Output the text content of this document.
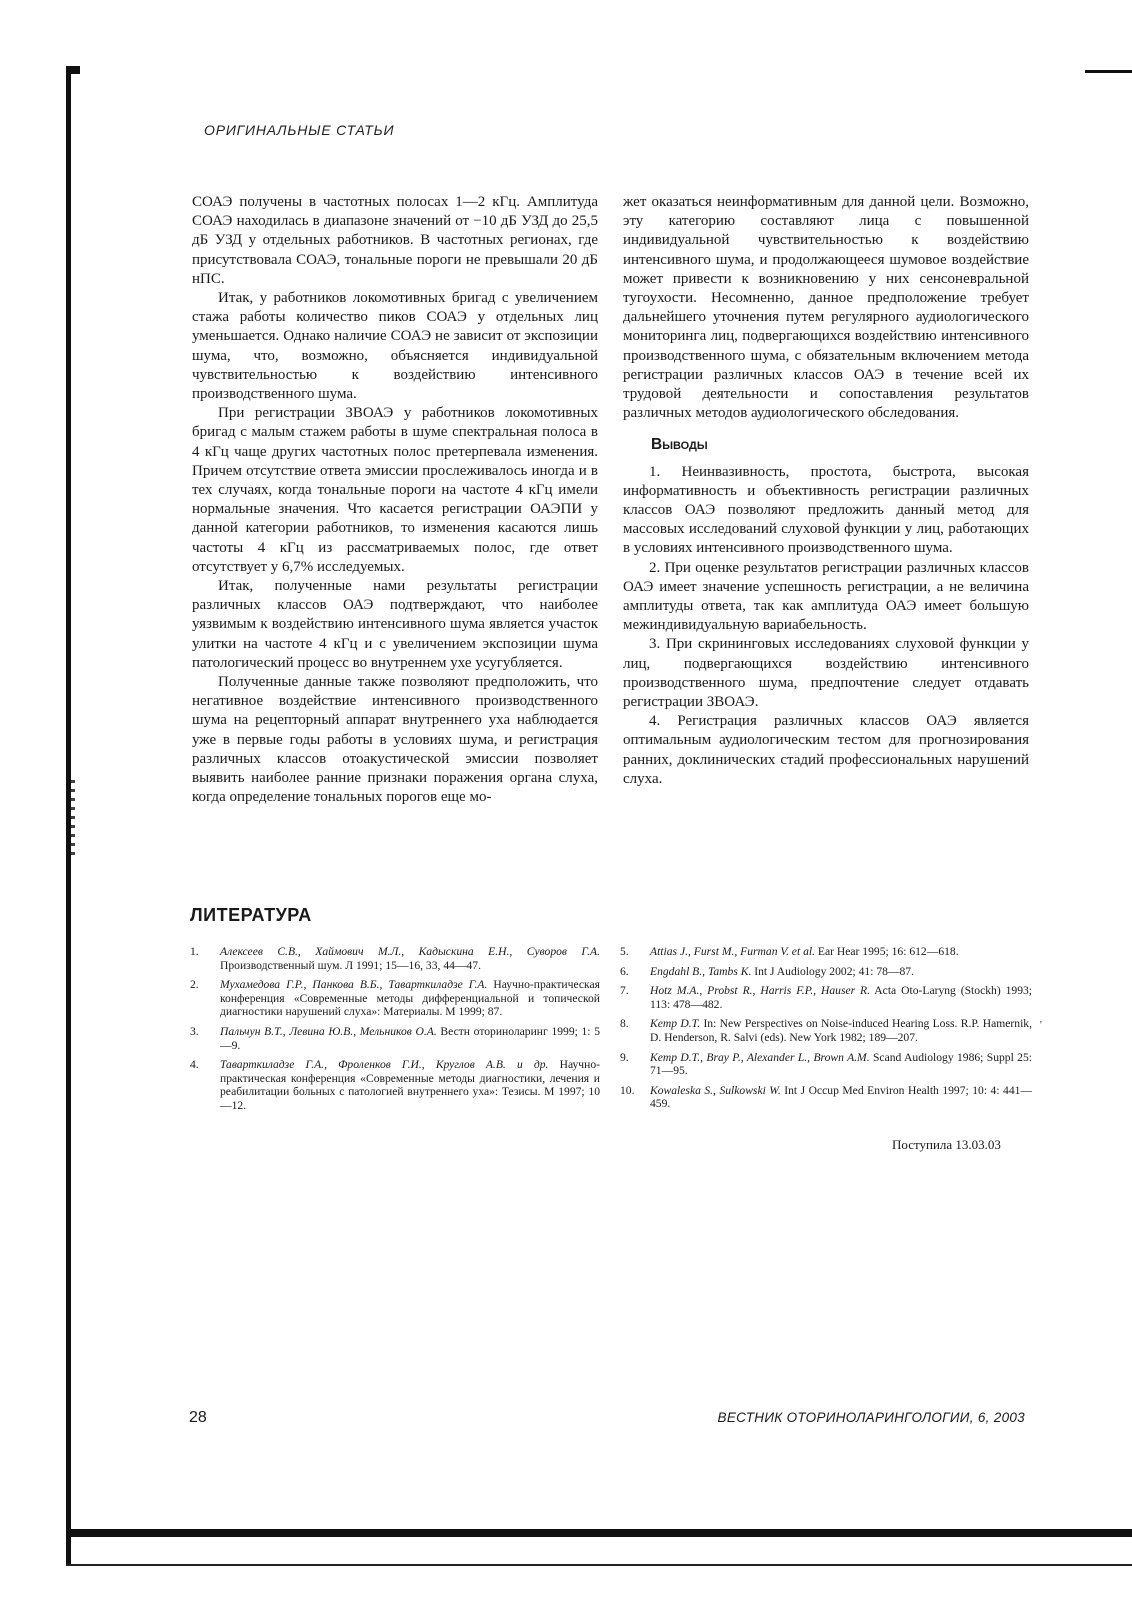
'
ОРИГИНАЛЬНЫЕ СТАТЬИ

СОАЭ получены в частотных полосах 1—2 кГц. Амплитуда СОАЭ находилась в диапазоне значений от −10 дБ УЗД до 25,5 дБ УЗД у отдельных работников. В частотных регионах, где присутствовала СОАЭ, тональные пороги не превышали 20 дБ нПС.

Итак, у работников локомотивных бригад с увеличением стажа работы количество пиков СОАЭ у отдельных лиц уменьшается. Однако наличие СОАЭ не зависит от экспозиции шума, что, возможно, объясняется индивидуальной чувствительностью к воздействию интенсивного производственного шума.

При регистрации ЗВОАЭ у работников локомотивных бригад с малым стажем работы в шуме спектральная полоса в 4 кГц чаще других частотных полос претерпевала изменения. Причем отсутствие ответа эмиссии прослеживалось иногда и в тех случаях, когда тональные пороги на частоте 4 кГц имели нормальные значения. Что касается регистрации ОАЭПИ у данной категории работников, то изменения касаются лишь частоты 4 кГц из рассматриваемых полос, где ответ отсутствует у 6,7% исследуемых.

Итак, полученные нами результаты регистрации различных классов ОАЭ подтверждают, что наиболее уязвимым к воздействию интенсивного шума является участок улитки на частоте 4 кГц и с увеличением экспозиции шума патологический процесс во внутреннем ухе усугубляется.

Полученные данные также позволяют предположить, что негативное воздействие интенсивного производственного шума на рецепторный аппарат внутреннего уха наблюдается уже в первые годы работы в условиях шума, и регистрация различных классов отоакустической эмиссии позволяет выявить наиболее ранние признаки поражения органа слуха, когда определение тональных порогов еще мо-

жет оказаться неинформативным для данной цели. Возможно, эту категорию составляют лица с повышенной индивидуальной чувствительностью к воздействию интенсивного шума, и продолжающееся шумовое воздействие может привести к возникновению у них сенсоневральной тугоухости. Несомненно, данное предположение требует дальнейшего уточнения путем регулярного аудиологического мониторинга лиц, подвергающихся воздействию интенсивного производственного шума, с обязательным включением метода регистрации различных классов ОАЭ в течение всей их трудовой деятельности и сопоставления результатов различных методов аудиологического обследования.

Выводы

1. Неинвазивность, простота, быстрота, высокая информативность и объективность регистрации различных классов ОАЭ позволяют предложить данный метод для массовых исследований слуховой функции у лиц, работающих в условиях интенсивного производственного шума.

2. При оценке результатов регистрации различных классов ОАЭ имеет значение успешность регистрации, а не величина амплитуды ответа, так как амплитуда ОАЭ имеет большую межиндивидуальную вариабельность.

3. При скрининговых исследованиях слуховой функции у лиц, подвергающихся воздействию интенсивного производственного шума, предпочтение следует отдавать регистрации ЗВОАЭ.

4. Регистрация различных классов ОАЭ является оптимальным аудиологическим тестом для прогнозирования ранних, доклинических стадий профессиональных нарушений слуха.

ЛИТЕРАТУРА
1. Алексеев С.В., Хаймович М.Л., Кадыскина Е.Н., Суворов Г.А. Производственный шум. Л 1991; 15—16, 33, 44—47.
2. Мухамедова Г.Р., Панкова В.Б., Таварткиладзе Г.А. Научно-практическая конференция «Современные методы дифференциальной и топической диагностики нарушений слуха»: Материалы. М 1999; 87.
3. Пальчун В.Т., Левина Ю.В., Мельников О.А. Вестн оториноларинг 1999; 1: 5—9.
4. Таварткиладзе Г.А., Фроленков Г.И., Круглов А.В. и др. Научно-практическая конференция «Современные методы диагностики, лечения и реабилитации больных с патологией внутреннего уха»: Тезисы. М 1997; 10—12.
5. Attias J., Furst M., Furman V. et al. Ear Hear 1995; 16: 612—618.
6. Engdahl B., Tambs K. Int J Audiology 2002; 41: 78—87.
7. Hotz M.A., Probst R., Harris F.P., Hauser R. Acta Oto-Laryng (Stockh) 1993; 113: 478—482.
8. Kemp D.T. In: New Perspectives on Noise-induced Hearing Loss. R.P. Hamernik, D. Henderson, R. Salvi (eds). New York 1982; 189—207.
9. Kemp D.T., Bray P., Alexander L., Brown A.M. Scand Audiology 1986; Suppl 25: 71—95.
10. Kowaleska S., Sulkowski W. Int J Occup Med Environ Health 1997; 10: 4: 441—459.
Поступила 13.03.03
28	ВЕСТНИК ОТОРИНОЛАРИНГОЛОГИИ, 6, 2003
